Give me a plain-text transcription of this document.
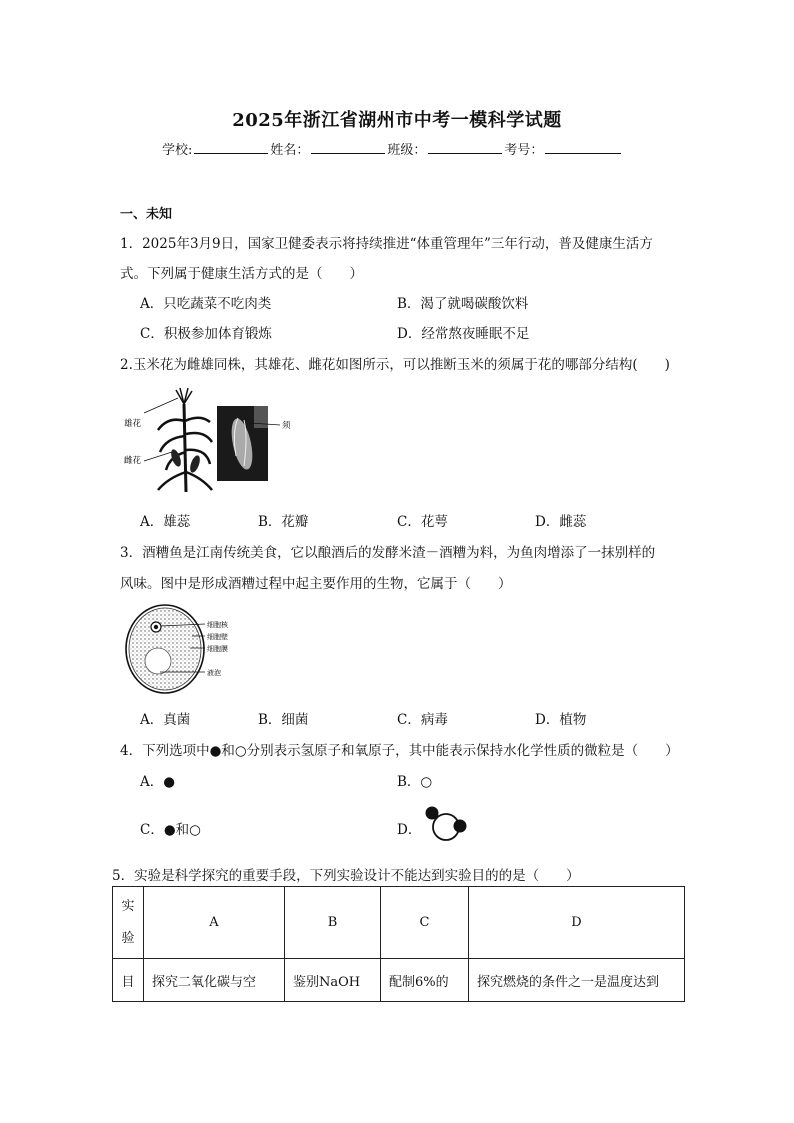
2025年浙江省湖州市中考一模科学试题
学校:	姓名：	班级：	考号：
一、未知
1．2025年3月9日，国家卫健委表示将持续推进“体重管理年”三年行动，普及健康生活方
式。下列属于健康生活方式的是（　　）
A．只吃蔬菜不吃肉类	B．渴了就喝碳酸饮料
C．积极参加体育锻炼	D．经常熬夜睡眠不足
2.玉米花为雌雄同株，其雄花、雌花如图所示，可以推断玉米的须属于花的哪部分结构(　　)
雄花
雌花
须
A．雄蕊	B．花瓣	C．花萼	D．雌蕊
3．酒糟鱼是江南传统美食，它以酿酒后的发酵米渣－酒糟为料，为鱼肉增添了一抹别样的
风味。图中是形成酒糟过程中起主要作用的生物，它属于（　　）
细胞核
细胞壁
细胞膜
液泡
A．真菌	B．细菌	C．病毒	D．植物
4．下列选项中●和○分别表示氢原子和氧原子，其中能表示保持水化学性质的微粒是（　　）
A．●	B．○
C．●和○	D．
5．实验是科学探究的重要手段，下列实验设计不能达到实验目的的是（　　）
实
验	A	B	C	D
目	探究二氧化碳与空	鉴别NaOH	配制6%的	探究燃烧的条件之一是温度达到
